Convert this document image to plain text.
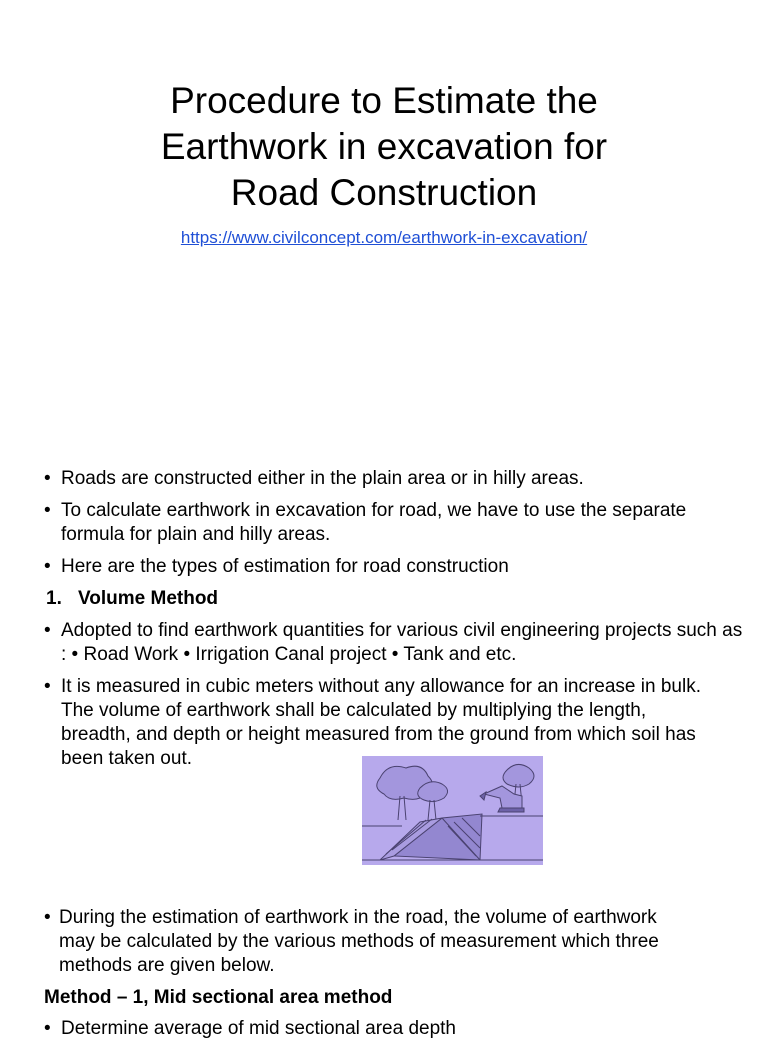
Procedure to Estimate the
Earthwork in excavation for
Road Construction
https://www.civilconcept.com/earthwork-in-excavation/
• Roads are constructed either in the plain area or in hilly areas.
• To calculate earthwork in excavation for road, we have to use the separate formula for plain and hilly areas.
• Here are the types of estimation for road construction
1. Volume Method
• Adopted to find earthwork quantities for various civil engineering projects such as : • Road Work • Irrigation Canal project • Tank and etc.
• It is measured in cubic meters without any allowance for an increase in bulk. The volume of earthwork shall be calculated by multiplying the length, breadth, and depth or height measured from the ground from which soil has been taken out.
• During the estimation of earthwork in the road, the volume of earthwork may be calculated by the various methods of measurement which three methods are given below.
Method – 1, Mid sectional area method
• Determine average of mid sectional area depth
